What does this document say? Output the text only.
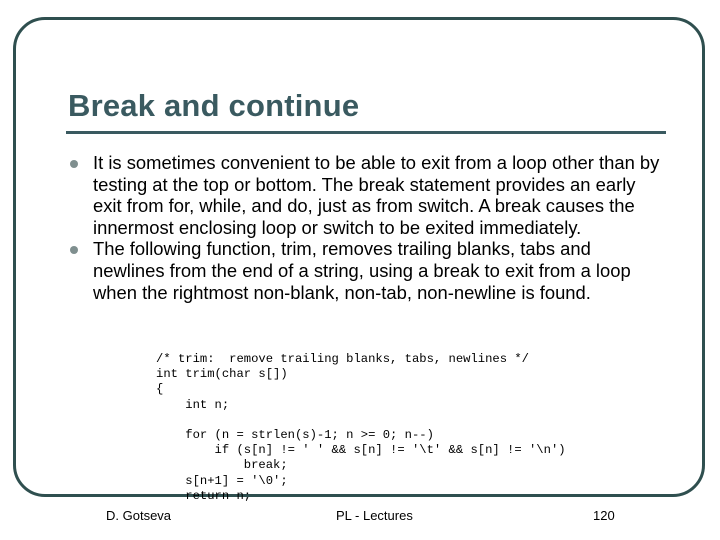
Break and continue
It is sometimes convenient to be able to exit from a loop other than by testing at the top or bottom. The break statement provides an early exit from for, while, and do, just as from switch. A break causes the innermost enclosing loop or switch to be exited immediately.
The following function, trim, removes trailing blanks, tabs and newlines from the end of a string, using a break to exit from a loop when the rightmost non-blank, non-tab, non-newline is found.
/* trim:  remove trailing blanks, tabs, newlines */
int trim(char s[])
{
int n;

for (n = strlen(s)-1; n >= 0; n--)
if (s[n] != ' ' && s[n] != '\t' && s[n] != '\n')
break;
s[n+1] = '\0';
return n;
D. Gotseva	PL - Lectures	120
